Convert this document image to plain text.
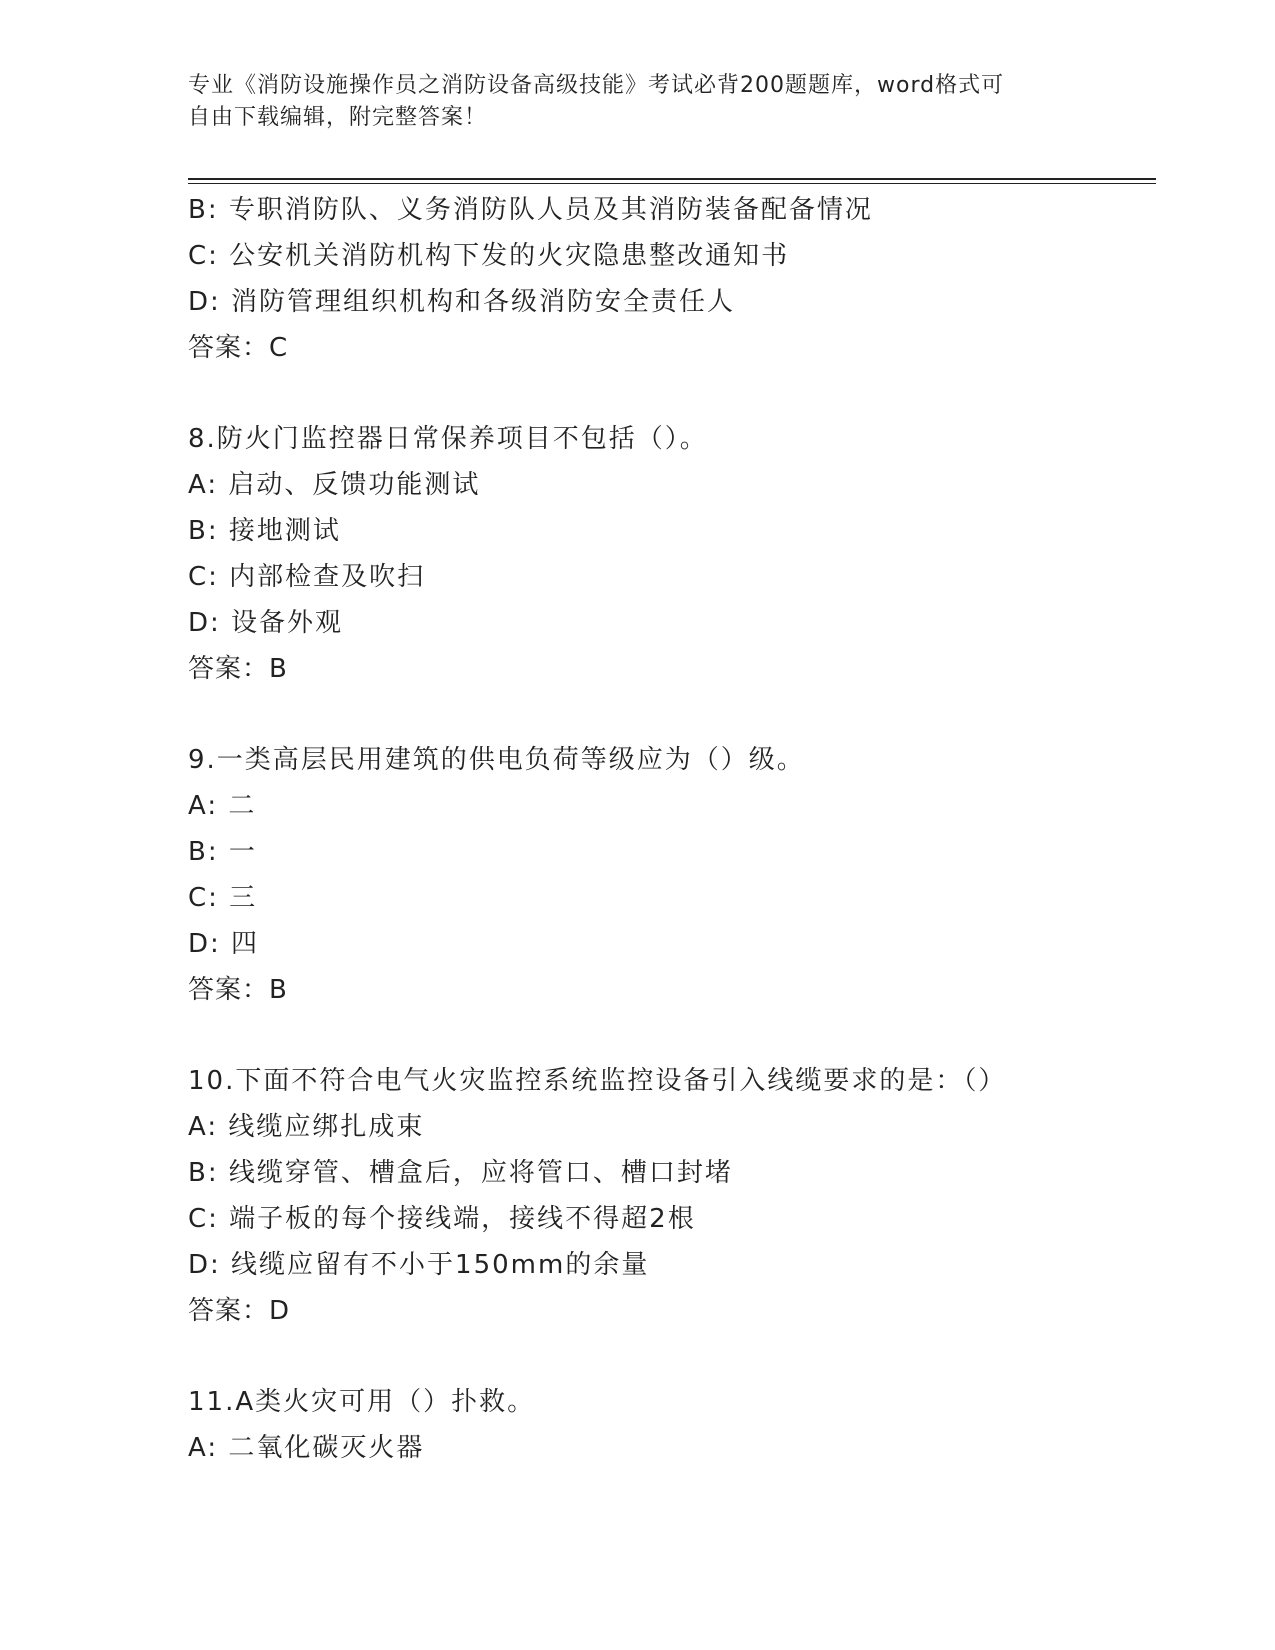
专业《消防设施操作员之消防设备高级技能》考试必背200题题库，word格式可
自由下载编辑，附完整答案！
B: 专职消防队、义务消防队人员及其消防装备配备情况
C: 公安机关消防机构下发的火灾隐患整改通知书
D: 消防管理组织机构和各级消防安全责任人
答案：C
8.防火门监控器日常保养项目不包括（）。
A: 启动、反馈功能测试
B: 接地测试
C: 内部检查及吹扫
D: 设备外观
答案：B
9.一类高层民用建筑的供电负荷等级应为（）级。
A: 二
B: 一
C: 三
D: 四
答案：B
10.下面不符合电气火灾监控系统监控设备引入线缆要求的是：（）
A: 线缆应绑扎成束
B: 线缆穿管、槽盒后，应将管口、槽口封堵
C: 端子板的每个接线端，接线不得超2根
D: 线缆应留有不小于150mm的余量
答案：D
11.A类火灾可用（）扑救。
A: 二氧化碳灭火器
